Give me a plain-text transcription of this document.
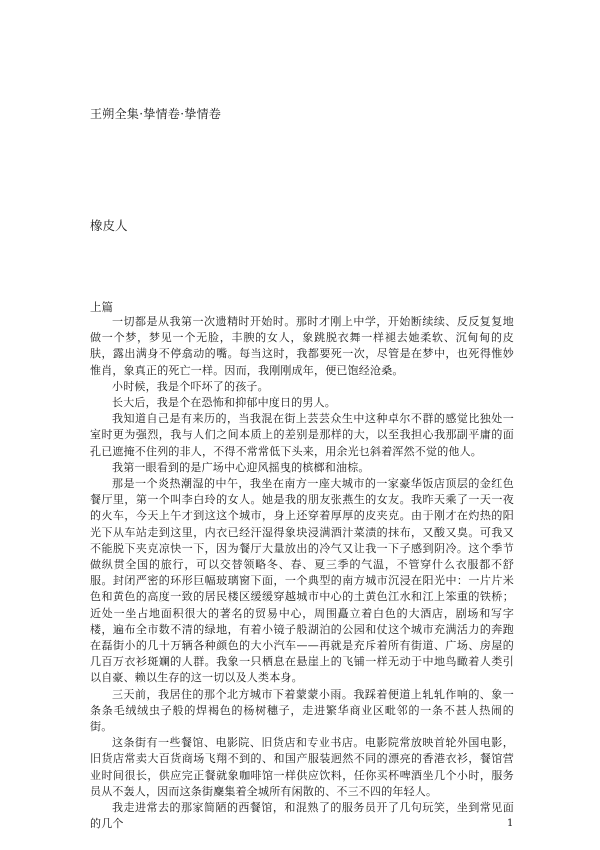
王朔全集·挚情卷·挚情卷
橡皮人
上篇

一切都是从我第一次遗精时开始时。那时才刚上中学，开始断续续、反反复复地做一个梦，梦见一个无脸，丰腴的女人，象跳脱衣舞一样褪去她柔软、沉甸甸的皮肤，露出满身不停翕动的嘴。每当这时，我都要死一次，尽管是在梦中，也死得惟妙惟肖，象真正的死亡一样。因而，我刚刚成年，便已饱经沧桑。

小时候，我是个吓坏了的孩子。

长大后，我是个在恐怖和抑郁中度日的男人。

我知道自己是有来历的，当我混在街上芸芸众生中这种卓尔不群的感觉比独处一室时更为强烈，我与人们之间本质上的差别是那样的大，以至我担心我那副平庸的面孔已遮掩不住列的非人，不得不常常低下头来，用余光乜斜着浑然不觉的他人。

我第一眼看到的是广场中心迎风摇曳的槟榔和油棕。

那是一个炎热潮湿的中午，我坐在南方一座大城市的一家豪华饭店顶层的金红色餐厅里，第一个叫李白玲的女人。她是我的朋友张燕生的女友。我昨天乘了一天一夜的火车，今天上午才到这这个城市，身上还穿着厚厚的皮夹克。由于刚才在灼热的阳光下从车站走到这里，内衣已经汗湿得象块浸满酒汁菜渍的抹布，又酸又臭。可我又不能脱下夹克凉快一下，因为餐厅大量放出的冷气又让我一下子感到阴冷。这个季节做纵贯全国的旅行，可以交替领略冬、春、夏三季的气温，不管穿什么衣服都不舒服。封闭严密的环形巨幅玻璃窗下面，一个典型的南方城市沉浸在阳光中：一片片米色和黄色的高度一致的居民楼区缓缓穿越城市中心的土黄色江水和江上笨重的铁桥；近处一坐占地面积很大的著名的贸易中心，周围矗立着白色的大酒店，剧场和写字楼，遍布全市数不清的绿地，有着小镜子般湖泊的公园和仗这个城市充满活力的奔跑在磊街小的几十万辆各种颜色的大小汽车——再就是充斥着所有街道、广场、房屋的几百万衣衫斑斓的人群。我象一只栖息在悬崖上的飞铺一样无动于中地鸟瞰着人类引以自豪、赖以生存的这一切以及人类本身。

三天前，我居住的那个北方城市下着蒙蒙小雨。我踩着便道上轧轧作响的、象一条条毛绒绒虫子般的焊褐色的杨树穗子，走进繁华商业区毗邻的一条不甚人热闹的街。

这条街有一些餐馆、电影院、旧货店和专业书店。电影院常放映首轮外国电影，旧货店常卖大百货商场飞翔不到的、和国产服装迥然不同的漂亮的香港衣衫，餐馆营业时间很长，供应完正餐就象咖啡馆一样供应饮料，任你买杯啤酒坐几个小时，服务员从不轰人，因而这条街麇集着全城所有闲散的、不三不四的年轻人。

我走进常去的那家简陋的西餐馆，和混熟了的服务员开了几句玩笑，坐到常见面的几个	1
